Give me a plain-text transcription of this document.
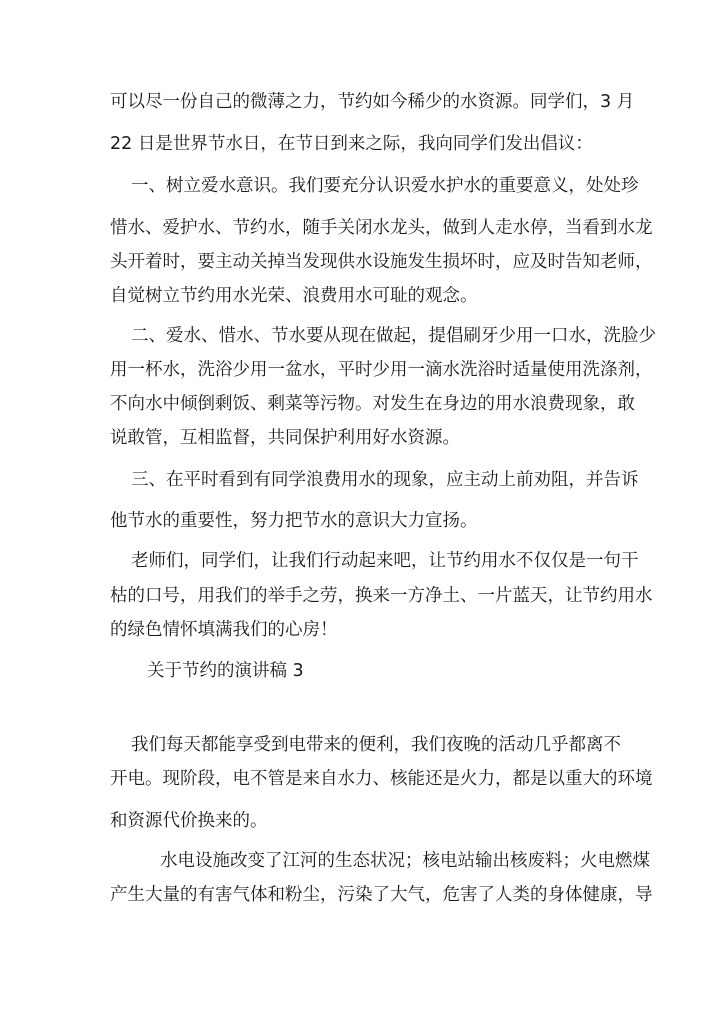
可以尽一份自己的微薄之力，节约如今稀少的水资源。同学们，3 月
22 日是世界节水日，在节日到来之际，我向同学们发出倡议：
一、树立爱水意识。我们要充分认识爱水护水的重要意义，处处珍
惜水、爱护水、节约水，随手关闭水龙头，做到人走水停，当看到水龙
头开着时，要主动关掉当发现供水设施发生损坏时，应及时告知老师，
自觉树立节约用水光荣、浪费用水可耻的观念。
二、爱水、惜水、节水要从现在做起，提倡刷牙少用一口水，洗脸少
用一杯水，洗浴少用一盆水，平时少用一滴水洗浴时适量使用洗涤剂，
不向水中倾倒剩饭、剩菜等污物。对发生在身边的用水浪费现象，敢
说敢管，互相监督，共同保护利用好水资源。
三、在平时看到有同学浪费用水的现象，应主动上前劝阻，并告诉
他节水的重要性，努力把节水的意识大力宣扬。
老师们，同学们，让我们行动起来吧，让节约用水不仅仅是一句干
枯的口号，用我们的举手之劳，换来一方净土、一片蓝天，让节约用水
的绿色情怀填满我们的心房！
关于节约的演讲稿 3
我们每天都能享受到电带来的便利，我们夜晚的活动几乎都离不
开电。现阶段，电不管是来自水力、核能还是火力，都是以重大的环境
和资源代价换来的。
水电设施改变了江河的生态状况；核电站输出核废料；火电燃煤
产生大量的有害气体和粉尘，污染了大气，危害了人类的身体健康，导
